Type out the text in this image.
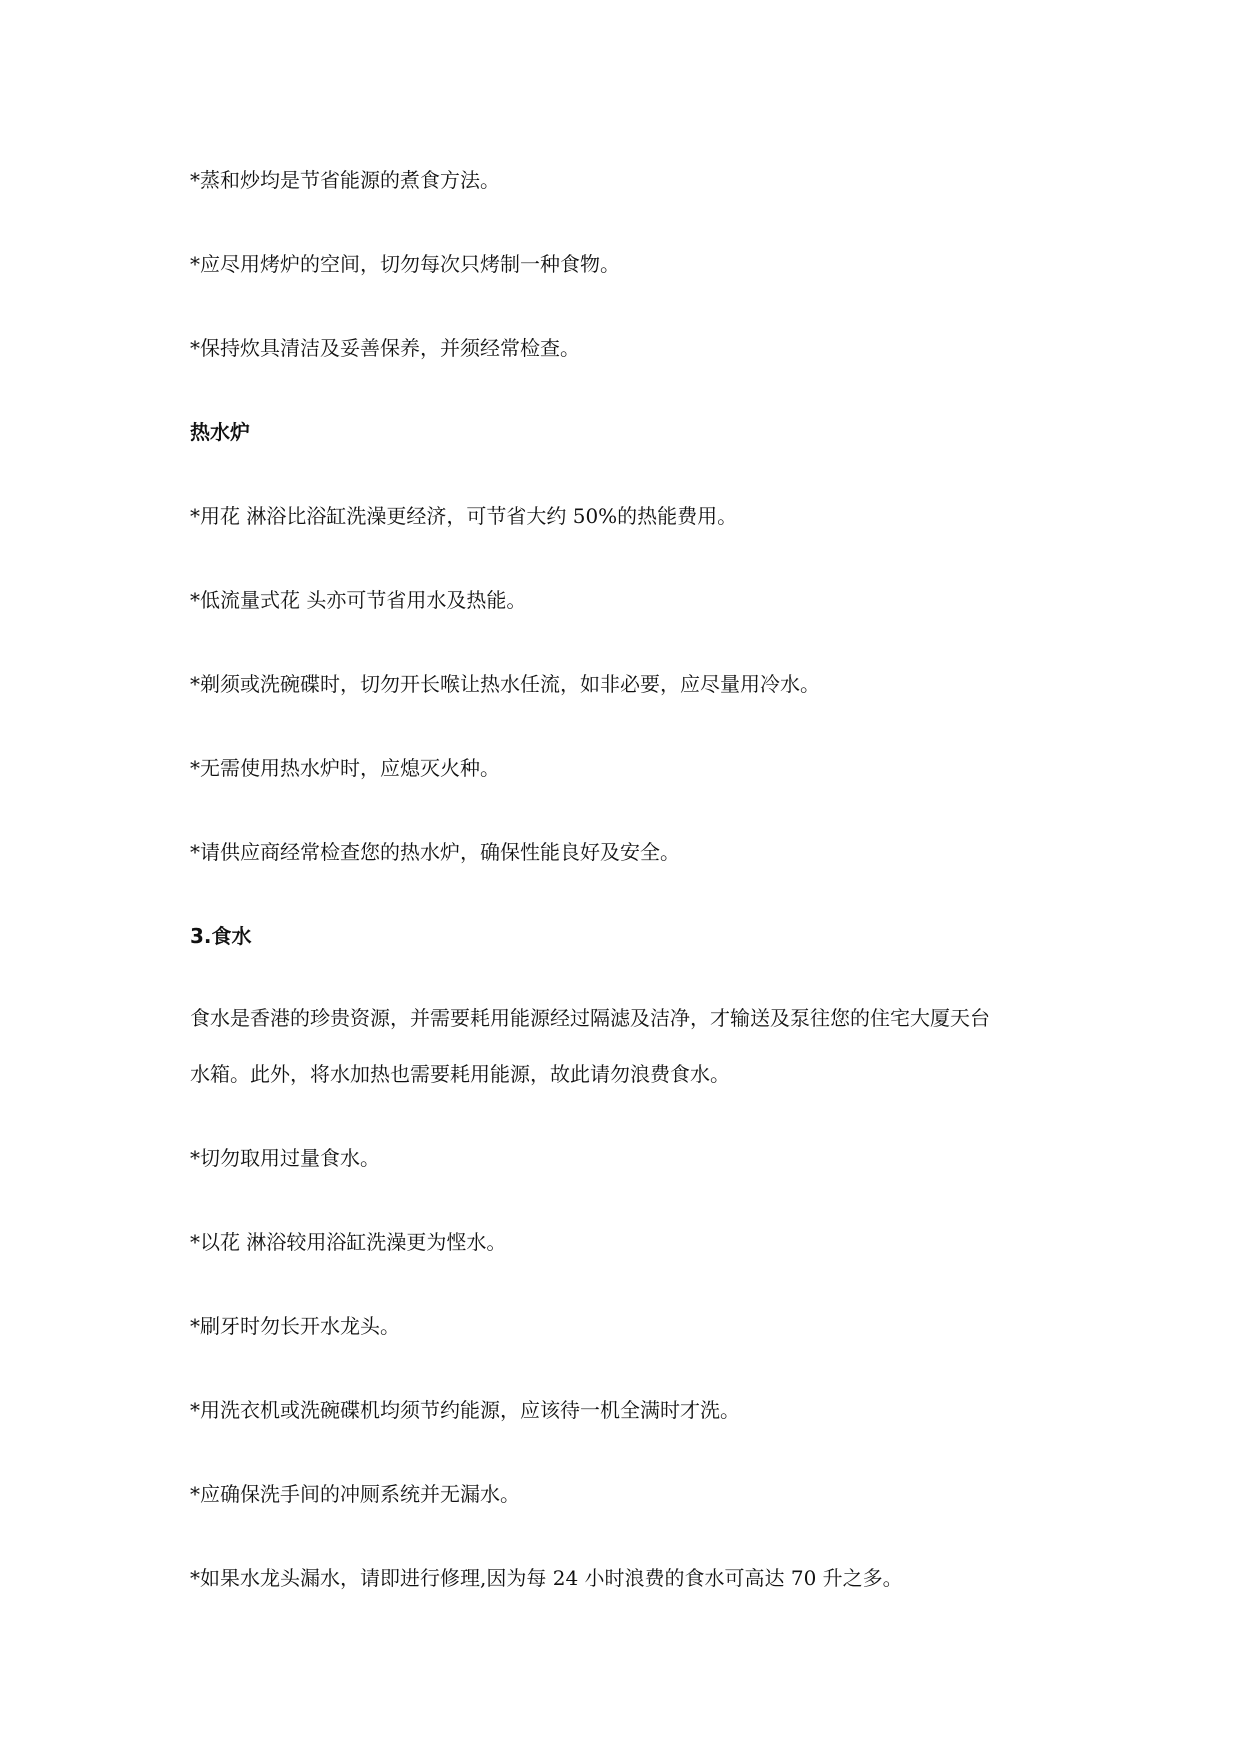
*蒸和炒均是节省能源的煮食方法。
*应尽用烤炉的空间，切勿每次只烤制一种食物。
*保持炊具清洁及妥善保养，并须经常检查。
热水炉
*用花 淋浴比浴缸洗澡更经济，可节省大约 50%的热能费用。
*低流量式花 头亦可节省用水及热能。
*剃须或洗碗碟时，切勿开长喉让热水任流，如非必要，应尽量用冷水。
*无需使用热水炉时，应熄灭火种。
*请供应商经常检查您的热水炉，确保性能良好及安全。
3.食水
食水是香港的珍贵资源，并需要耗用能源经过隔滤及洁净，才输送及泵往您的住宅大厦天台
水箱。此外，将水加热也需要耗用能源，故此请勿浪费食水。
*切勿取用过量食水。
*以花 淋浴较用浴缸洗澡更为悭水。
*刷牙时勿长开水龙头。
*用洗衣机或洗碗碟机均须节约能源，应该待一机全满时才洗。
*应确保洗手间的冲厕系统并无漏水。
*如果水龙头漏水，请即进行修理,因为每 24 小时浪费的食水可高达 70 升之多。
